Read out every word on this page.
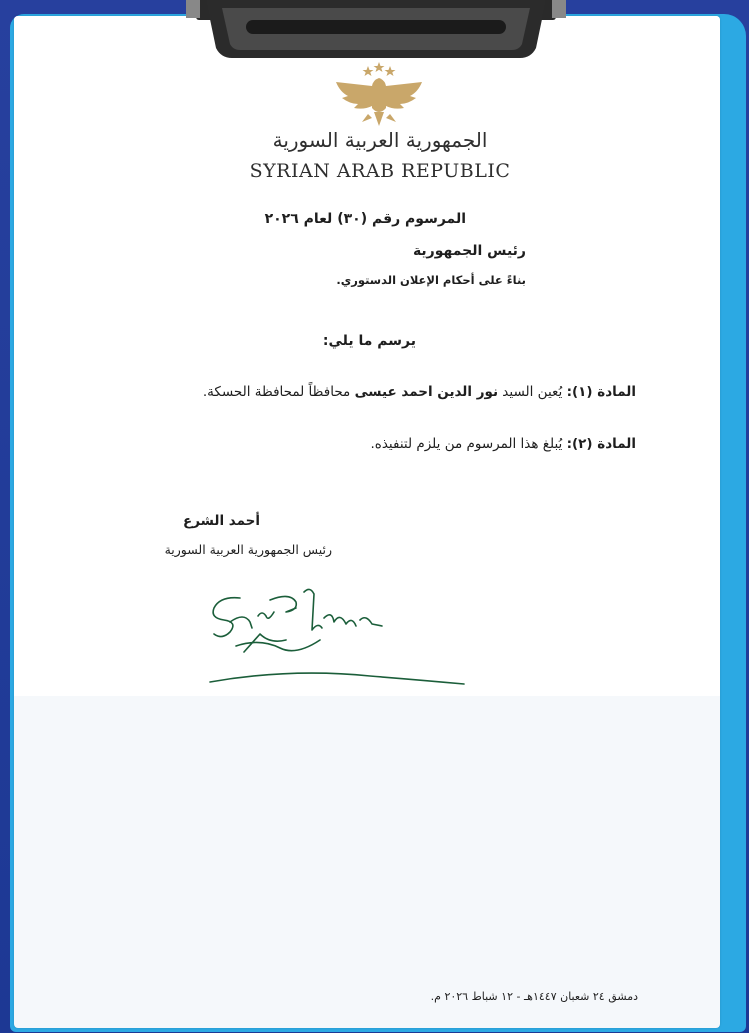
الجمهورية العربية السورية
SYRIAN ARAB REPUBLIC
المرسوم رقم (٣٠) لعام ٢٠٢٦
رئيس الجمهورية
بناءً على أحكام الإعلان الدستوري.
يرسم ما يلي:
المادة (١): يُعين السيد نور الدين احمد عيسى محافظاً لمحافظة الحسكة.
المادة (٢): يُبلغ هذا المرسوم من يلزم لتنفيذه.
أحمد الشرع
رئيس الجمهورية العربية السورية
دمشق ٢٤ شعبان ١٤٤٧هـ - ١٢ شباط ٢٠٢٦ م.
